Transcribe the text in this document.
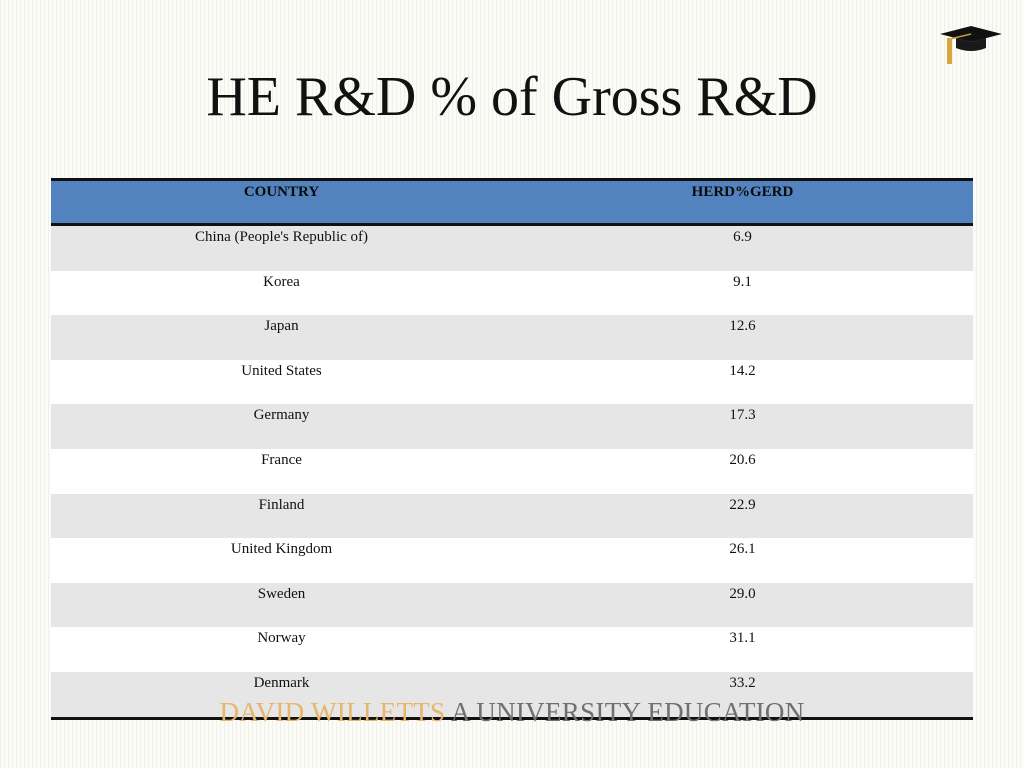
HE R&D % of Gross R&D
COUNTRY	HERD%GERD
China (People's Republic of)	6.9
Korea	9.1
Japan	12.6
United States	14.2
Germany	17.3
France	20.6
Finland	22.9
United Kingdom	26.1
Sweden	29.0
Norway	31.1
Denmark	33.2
DAVID WILLETTS A UNIVERSITY EDUCATION
